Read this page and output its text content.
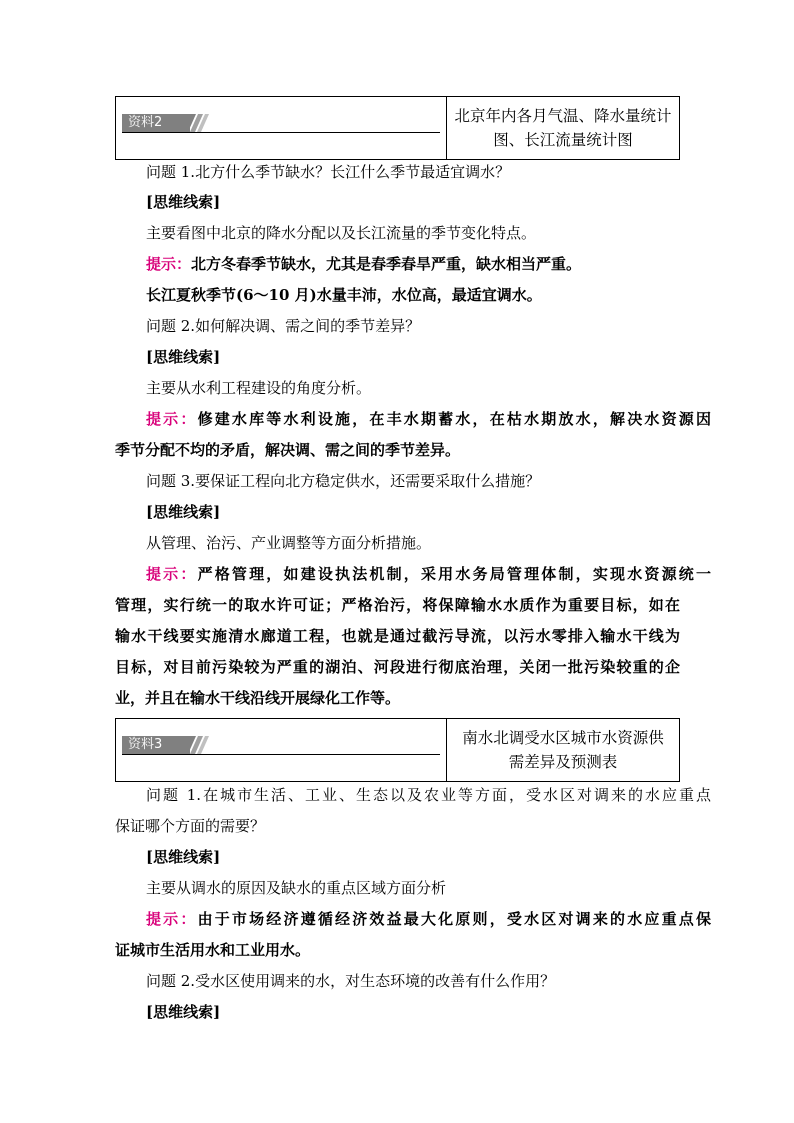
资料2	北京年内各月气温、降水量统计
图、长江流量统计图
问题 1.北方什么季节缺水？长江什么季节最适宜调水？
[思维线索]
主要看图中北京的降水分配以及长江流量的季节变化特点。
提示：北方冬春季节缺水，尤其是春季春旱严重，缺水相当严重。
长江夏秋季节(6～10 月)水量丰沛，水位高，最适宜调水。
问题 2.如何解决调、需之间的季节差异？
[思维线索]
主要从水利工程建设的角度分析。
提示：修建水库等水利设施，在丰水期蓄水，在枯水期放水，解决水资源因
季节分配不均的矛盾，解决调、需之间的季节差异。
问题 3.要保证工程向北方稳定供水，还需要采取什么措施？
[思维线索]
从管理、治污、产业调整等方面分析措施。
提示：严格管理，如建设执法机制，采用水务局管理体制，实现水资源统一
管理，实行统一的取水许可证；严格治污，将保障输水水质作为重要目标，如在
输水干线要实施清水廊道工程，也就是通过截污导流，以污水零排入输水干线为
目标，对目前污染较为严重的湖泊、河段进行彻底治理，关闭一批污染较重的企
业，并且在输水干线沿线开展绿化工作等。
资料3	南水北调受水区城市水资源供
需差异及预测表
问题 1.在城市生活、工业、生态以及农业等方面，受水区对调来的水应重点
保证哪个方面的需要？
[思维线索]
主要从调水的原因及缺水的重点区域方面分析
提示：由于市场经济遵循经济效益最大化原则，受水区对调来的水应重点保
证城市生活用水和工业用水。
问题 2.受水区使用调来的水，对生态环境的改善有什么作用？
[思维线索]
